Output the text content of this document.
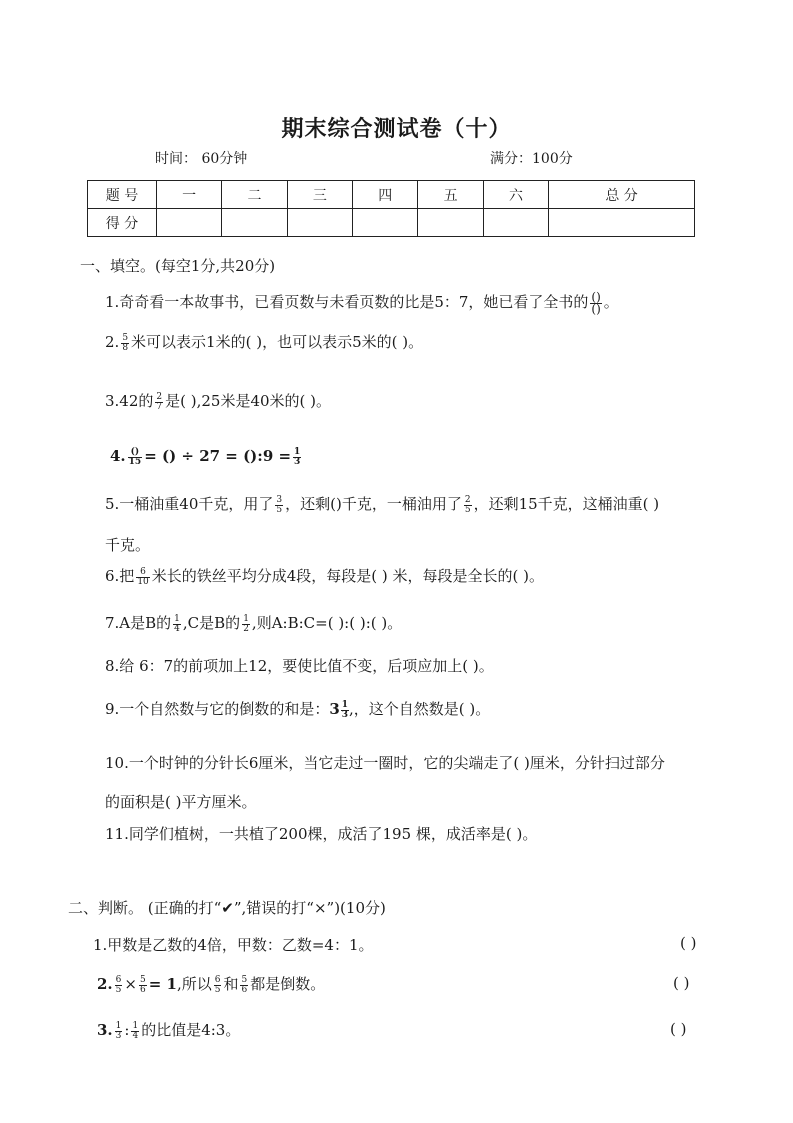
期末综合测试卷（十）
时间： 60分钟	满分：100分
题 号	一	二	三	四	五	六	总 分
得 分							
一、填空。(每空1分,共20分)
1.奇奇看一本故事书，已看页数与未看页数的比是5：7，她已看了全书的 $\frac{()}{()}$ 。
2. $\frac{5}{8}$ 米可以表示1米的( )，也可以表示5米的( )。
3.42的 $\frac{2}{7}$ 是( ),25米是40米的( )。
4. $\frac{()}{15}$ = () ÷ 27 = ():9 = $\frac{1}{3}$
5.一桶油重40千克，用了 $\frac{3}{5}$ ，还剩()千克，一桶油用了 $\frac{2}{5}$ ，还剩15千克，这桶油重( )
千克。
6.把 $\frac{6}{10}$ 米长的铁丝平均分成4段，每段是( ) 米，每段是全长的( )。
7.A是B的 $\frac{1}{4} ,C$是B的 $\frac{1}{2}$ ,则A:B:C=( ):( ):( )。
8.给 6：7的前项加上12，要使比值不变，后项应加上( )。
9.一个自然数与它的倒数的和是：$3 \frac{1}{3}$ ,，这个自然数是( )。
10.一个时钟的分针长6厘米，当它走过一圈时，它的尖端走了( )厘米，分针扫过部分
的面积是( )平方厘米。
11.同学们植树，一共植了200棵，成活了195 棵，成活率是( )。
二、判断。 (正确的打“✔”,错误的打“×”)(10分)
1.甲数是乙数的4倍，甲数：乙数=4：1。	( )
2. $\frac{6}{5} \times \frac{5}{6} = 1$,所以 $\frac{6}{5}$ 和 $\frac{5}{6}$ 都是倒数。	( )
3. $\frac{1}{3}$ : $\frac{1}{4}$ 的比值是4:3。	( )
